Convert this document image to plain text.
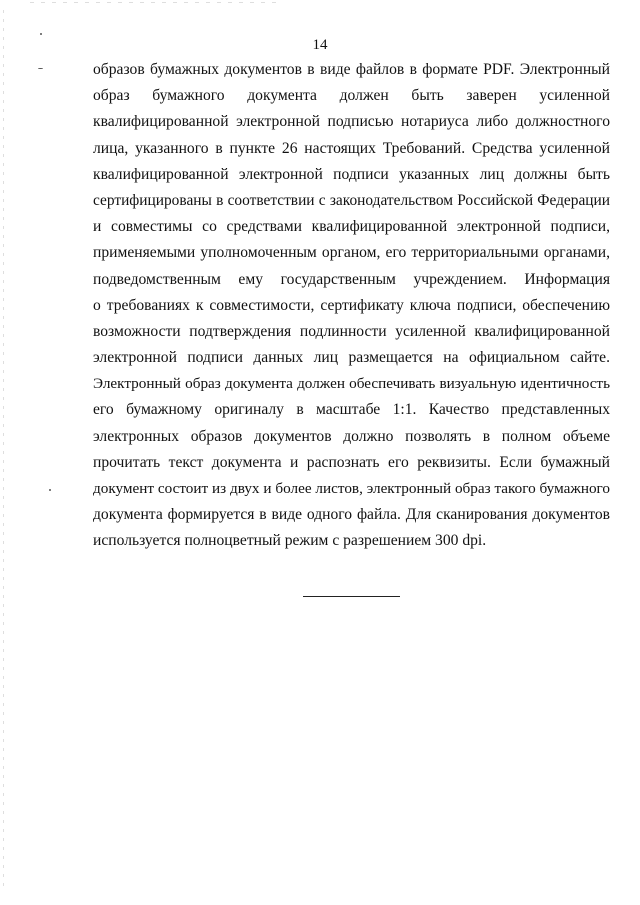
14
образов бумажных документов в виде файлов в формате PDF. Электронный
образ бумажного документа должен быть заверен усиленной
квалифицированной электронной подписью нотариуса либо должностного
лица, указанного в пункте 26 настоящих Требований. Средства усиленной
квалифицированной электронной подписи указанных лиц должны быть
сертифицированы в соответствии с законодательством Российской Федерации
и совместимы со средствами квалифицированной электронной подписи,
применяемыми уполномоченным органом, его территориальными органами,
подведомственным ему государственным учреждением. Информация
о требованиях к совместимости, сертификату ключа подписи, обеспечению
возможности подтверждения подлинности усиленной квалифицированной
электронной подписи данных лиц размещается на официальном сайте.
Электронный образ документа должен обеспечивать визуальную идентичность
его бумажному оригиналу в масштабе 1:1. Качество представленных
электронных образов документов должно позволять в полном объеме
прочитать текст документа и распознать его реквизиты. Если бумажный
документ состоит из двух и более листов, электронный образ такого бумажного
документа формируется в виде одного файла. Для сканирования документов
используется полноцветный режим с разрешением 300 dpi.
